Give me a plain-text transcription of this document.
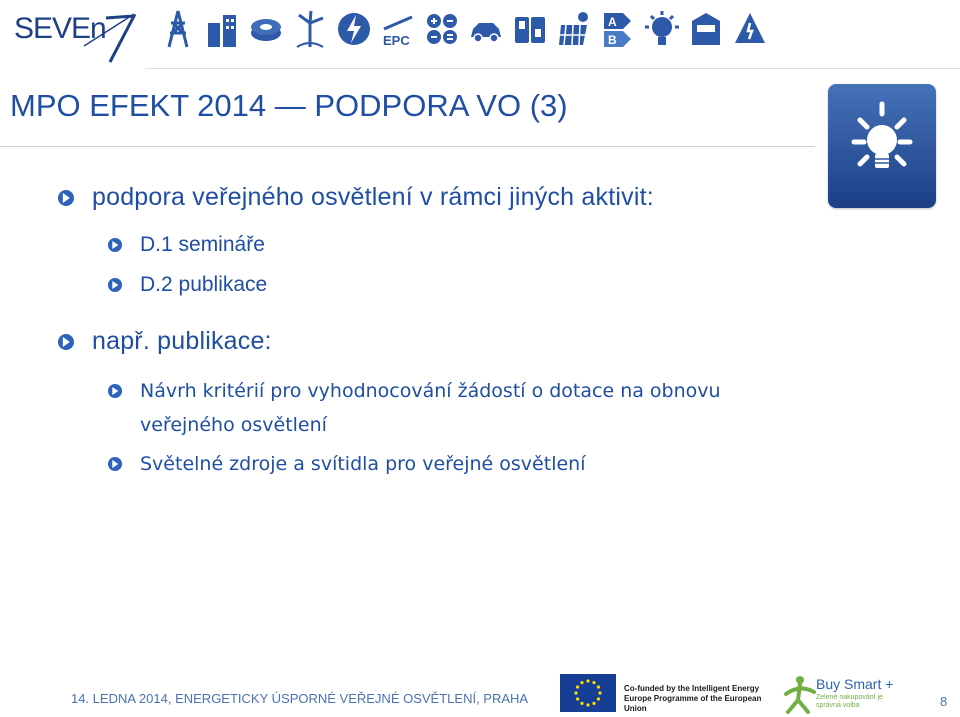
SEVEn	EPC
A
B
MPO EFEKT 2014 — PODPORA VO (3)
podpora veřejného osvětlení v rámci jiných aktivit:
D.1 semináře
D.2 publikace
např. publikace:
Návrh kritérií pro vyhodnocování žádostí o dotace na obnovu veřejného osvětlení
Světelné zdroje a svítidla pro veřejné osvětlení
14. LEDNA 2014, ENERGETICKY ÚSPORNÉ VEŘEJNÉ OSVĚTLENÍ, PRAHA
Co-funded by the Intelligent Energy Europe Programme of the European Union
Buy Smart +
Zelené nakupování je správná volba	8
